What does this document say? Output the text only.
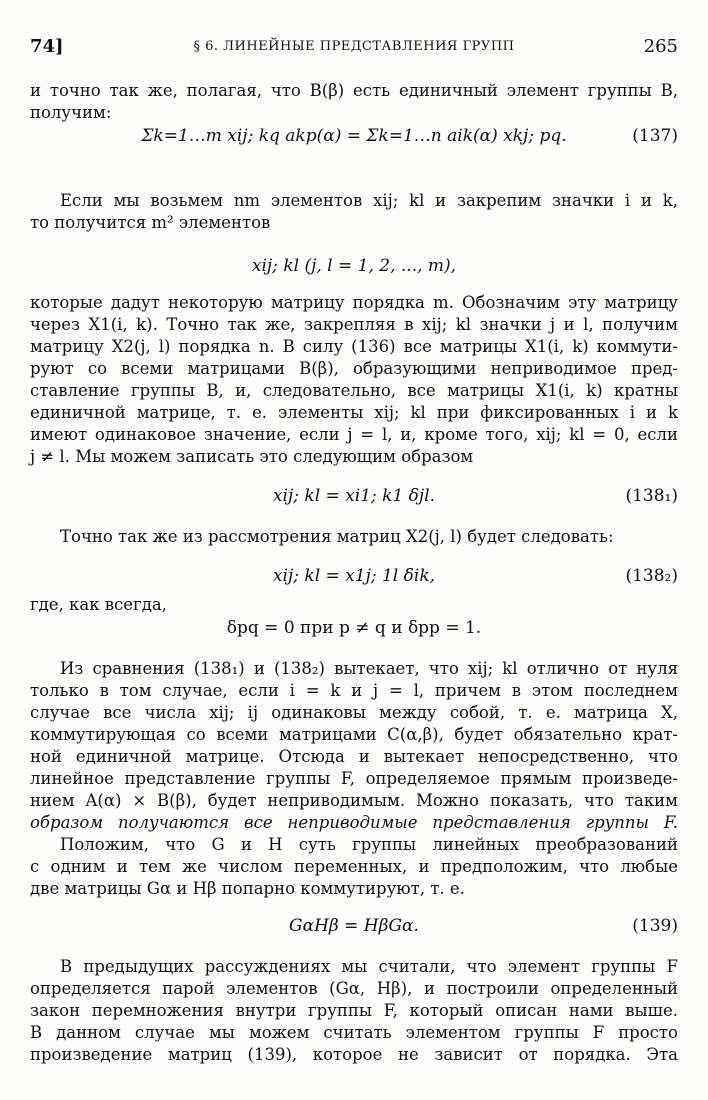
74]	§ 6. ЛИНЕЙНЫЕ ПРЕДСТАВЛЕНИЯ ГРУПП	265
и точно так же, полагая, что B(β) есть единичный элемент группы B,
получим:
Σk=1…m xij; kq akp(α) = Σk=1…n aik(α) xkj; pq.	(137)
Если мы возьмем nm элементов xij; kl и закрепим значки i и k,
то получится m² элементов
xij; kl (j, l = 1, 2, ..., m),
которые дадут некоторую матрицу порядка m. Обозначим эту матрицу
через X1(i, k). Точно так же, закрепляя в xij; kl значки j и l, получим
матрицу X2(j, l) порядка n. В силу (136) все матрицы X1(i, k) коммути-
руют со всеми матрицами B(β), образующими неприводимое пред-
ставление группы B, и, следовательно, все матрицы X1(i, k) кратны
единичной матрице, т. е. элементы xij; kl при фиксированных i и k
имеют одинаковое значение, если j = l, и, кроме того, xij; kl = 0, если
j ≠ l. Мы можем записать это следующим образом
xij; kl = xi1; k1 δjl.	(138₁)
Точно так же из рассмотрения матриц X2(j, l) будет следовать:
xij; kl = x1j; 1l δik,	(138₂)
где, как всегда,
δpq = 0 при p ≠ q и δpp = 1.
Из сравнения (138₁) и (138₂) вытекает, что xij; kl отлично от нуля
только в том случае, если i = k и j = l, причем в этом последнем
случае все числа xij; ij одинаковы между собой, т. е. матрица X,
коммутирующая со всеми матрицами C(α,β), будет обязательно крат-
ной единичной матрице. Отсюда и вытекает непосредственно, что
линейное представление группы F, определяемое прямым произведе-
нием A(α) × B(β), будет неприводимым. Можно показать, что таким
образом получаются все неприводимые представления группы F.
Положим, что G и H суть группы линейных преобразований
с одним и тем же числом переменных, и предположим, что любые
две матрицы Gα и Hβ попарно коммутируют, т. е.
GαHβ = HβGα.	(139)
В предыдущих рассуждениях мы считали, что элемент группы F
определяется парой элементов (Gα, Hβ), и построили определенный
закон перемножения внутри группы F, который описан нами выше.
В данном случае мы можем считать элементом группы F просто
произведение матриц (139), которое не зависит от порядка. Эта
